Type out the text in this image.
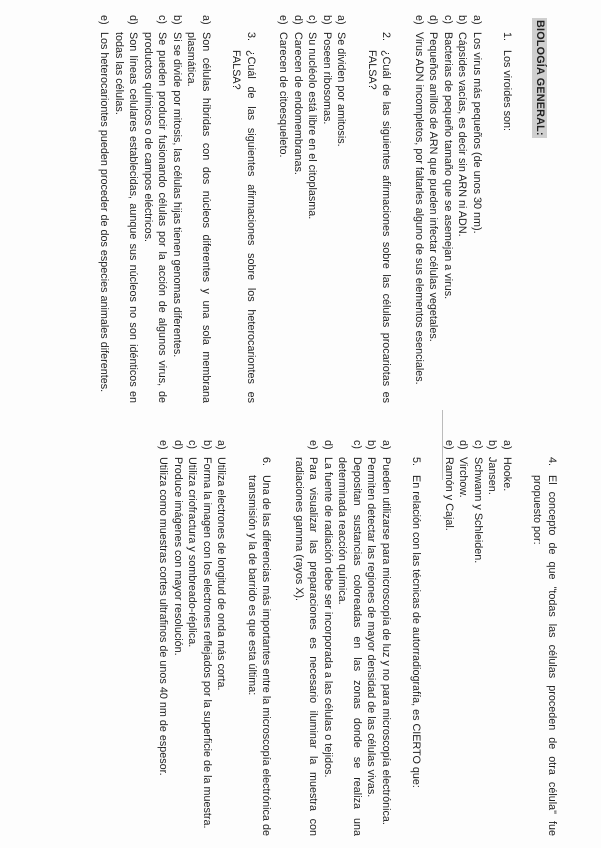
BIOLOGÍA GENERAL:
1.
Los viroides son:
a)
Los virus más pequeños (de unos 30 nm).
b)
Cápsides vacías, es decir sin ARN ni ADN.
c)
Bacterias de pequeño tamaño que se asemejan a virus.
d)
Pequeños anillos de ARN que pueden infectar células vegetales.
e)
Virus ADN incompletos, por faltarles alguno de sus elementos esenciales.
2.
¿Cuál de las siguientes afirmaciones sobre las células procariotas es FALSA?
a)
Se dividen por amitosis.
b)
Poseen ribosomas.
c)
Su nucléolo está libre en el citoplasma.
d)
Carecen de endomembranas.
e)
Carecen de citoesqueleto.
3.
¿Cuál de las siguientes afirmaciones sobre los heterocariontes es FALSA?
a)
Son células híbridas con dos núcleos diferentes y una sola membrana plasmática.
b)
Si se divide por mitosis, las células hijas tienen genomas diferentes.
c)
Se pueden producir fusionando células por la acción de algunos virus, de productos químicos o de campos eléctricos.
d)
Son líneas celulares establecidas, aunque sus núcleos no son idénticos en todas las células.
e)
Los heterocariontes pueden proceder de dos especies animales diferentes.
4.
El concepto de que "todas las células proceden de otra célula" fue propuesto por:
a)
Hooke.
b)
Jansen.
c)
Schwann y Schleiden.
d)
Virchow.
e)
Ramón y Cajal.
5.
En relación con las técnicas de autorradiografía, es CIERTO que:
a)
Pueden utilizarse para microscopía de luz y no para microscopía electrónica.
b)
Permiten detectar las regiones de mayor densidad de las células vivas.
c)
Depositan sustancias coloreadas en las zonas donde se realiza una determinada reacción química.
d)
La fuente de radiación debe ser incorporada a las células o tejidos.
e)
Para visualizar las preparaciones es necesario iluminar la muestra con radiaciones gamma (rayos X).
6.
Una de las diferencias más importantes entre la microscopía electrónica de transmisión y la de barrido es que esta última:
a)
Utiliza electrones de longitud de onda más corta.
b)
Forma la imagen con los electrones reflejados por la superficie de la muestra.
c)
Utiliza criofractura y sombreado-réplica.
d)
Produce imágenes con mayor resolución.
e)
Utiliza como muestras cortes ultrafinos de unos 40 nm de espesor.
